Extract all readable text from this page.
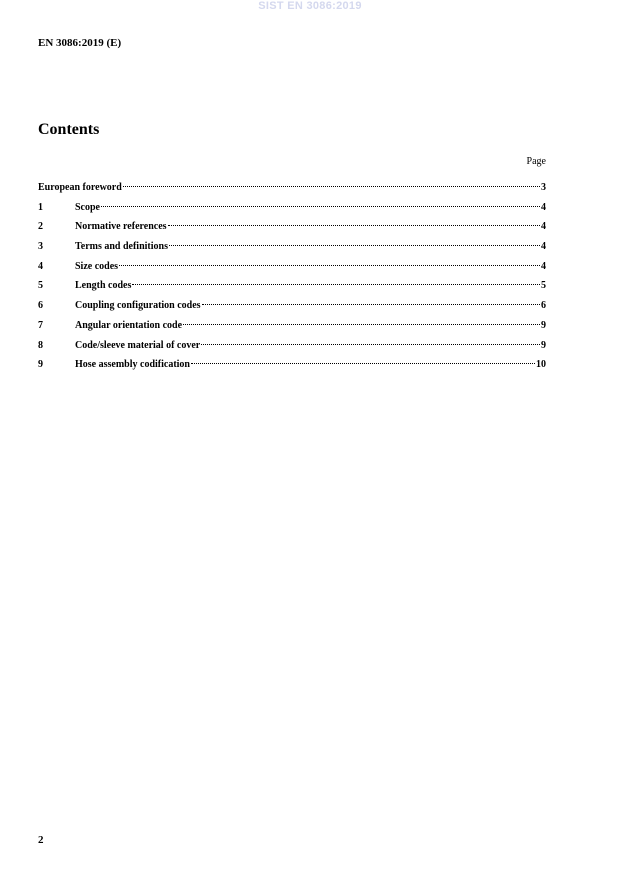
SIST EN 3086:2019
EN 3086:2019 (E)
Contents
Page
European foreword	3
1	Scope	4
2	Normative references	4
3	Terms and definitions	4
4	Size codes	4
5	Length codes	5
6	Coupling configuration codes	6
7	Angular orientation code	9
8	Code/sleeve material of cover	9
9	Hose assembly codification	10
2
